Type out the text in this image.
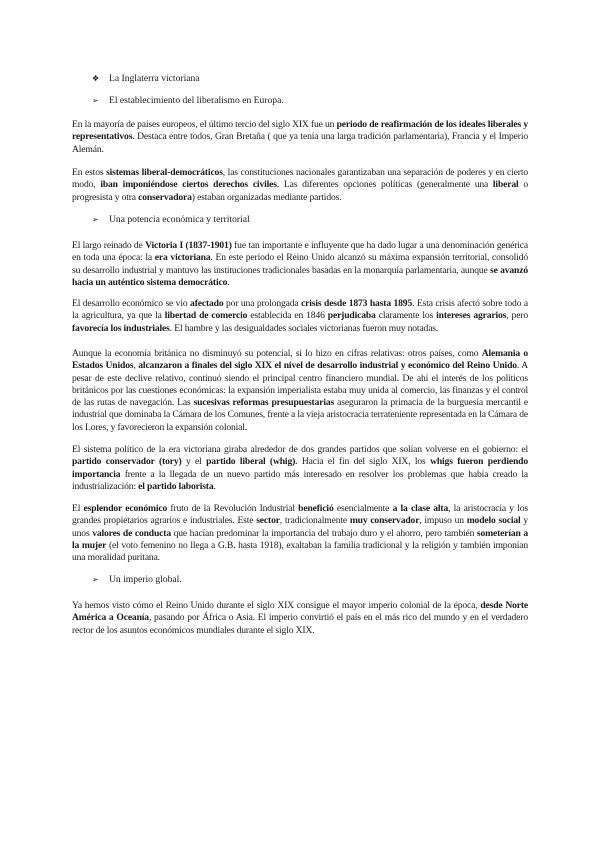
❖ La Inglaterra victoriana
➢ El establecimiento del liberalismo en Europa.

En la mayoría de países europeos, el último tercio del siglo XIX fue un periodo de reafirmación de los ideales liberales y representativos. Destaca entre todos, Gran Bretaña ( que ya tenía una larga tradición parlamentaria), Francia y el Imperio Alemán.

En estos sistemas liberal-democráticos, las constituciones nacionales garantizaban una separación de poderes y en cierto modo, iban imponiéndose ciertos derechos civiles. Las diferentes opciones políticas (generalmente una liberal o progresista y otra conservadora) estaban organizadas mediante partidos.

➢ Una potencia económica y territorial

El largo reinado de Victoria I (1837-1901) fue tan importante e influyente que ha dado lugar a una denominación genérica en toda una época: la era victoriana. En este periodo el Reino Unido alcanzó su máxima expansión territorial, consolidó su desarrollo industrial y mantuvo las instituciones tradicionales basadas en la monarquía parlamentaria, aunque se avanzó hacia un auténtico sistema democrático.

El desarrollo económico se vio afectado por una prolongada crisis desde 1873 hasta 1895. Esta crisis afectó sobre todo a la agricultura, ya que la libertad de comercio establecida en 1846 perjudicaba claramente los intereses agrarios, pero favorecía los industriales. El hambre y las desigualdades sociales victorianas fueron muy notadas.

Aunque la economía británica no disminuyó su potencial, si lo hizo en cifras relativas: otros países, como Alemania o Estados Unidos, alcanzaron a finales del siglo XIX el nivel de desarrollo industrial y económico del Reino Unido. A pesar de este declive relativo, continuó siendo el principal centro financiero mundial. De ahí el interés de los políticos británicos por las cuestiones económicas: la expansión imperialista estaba muy unida al comercio, las finanzas y el control de las rutas de navegación. Las sucesivas reformas presupuestarias aseguraron la primacía de la burguesía mercantil e industrial que dominaba la Cámara de los Comunes, frente a la vieja aristocracia terrateniente representada en la Cámara de los Lores, y favorecieron la expansión colonial.

El sistema político de la era victoriana giraba alrededor de dos grandes partidos que solían volverse en el gobierno: el partido conservador (tory) y el partido liberal (whig). Hacia el fin del siglo XIX, los whigs fueron perdiendo importancia frente a la llegada de un nuevo partido más interesado en resolver los problemas que había creado la industrialización: el partido laborista.

El esplendor económico fruto de la Revolución Industrial benefició esencialmente a la clase alta, la aristocracia y los grandes propietarios agrarios e industriales. Este sector, tradicionalmente muy conservador, impuso un modelo social y unos valores de conducta que hacían predominar la importancia del trabajo duro y el ahorro, pero también someterían a la mujer (el voto femenino no llega a G.B. hasta 1918), exaltaban la familia tradicional y la religión y también imponían una moralidad puritana.

➢ Un imperio global.

Ya hemos visto cómo el Reino Unido durante el siglo XIX consigue el mayor imperio colonial de la época, desde Norte América a Oceanía, pasando por África o Asia. El imperio convirtió el país en el más rico del mundo y en el verdadero rector de los asuntos económicos mundiales durante el siglo XIX.
